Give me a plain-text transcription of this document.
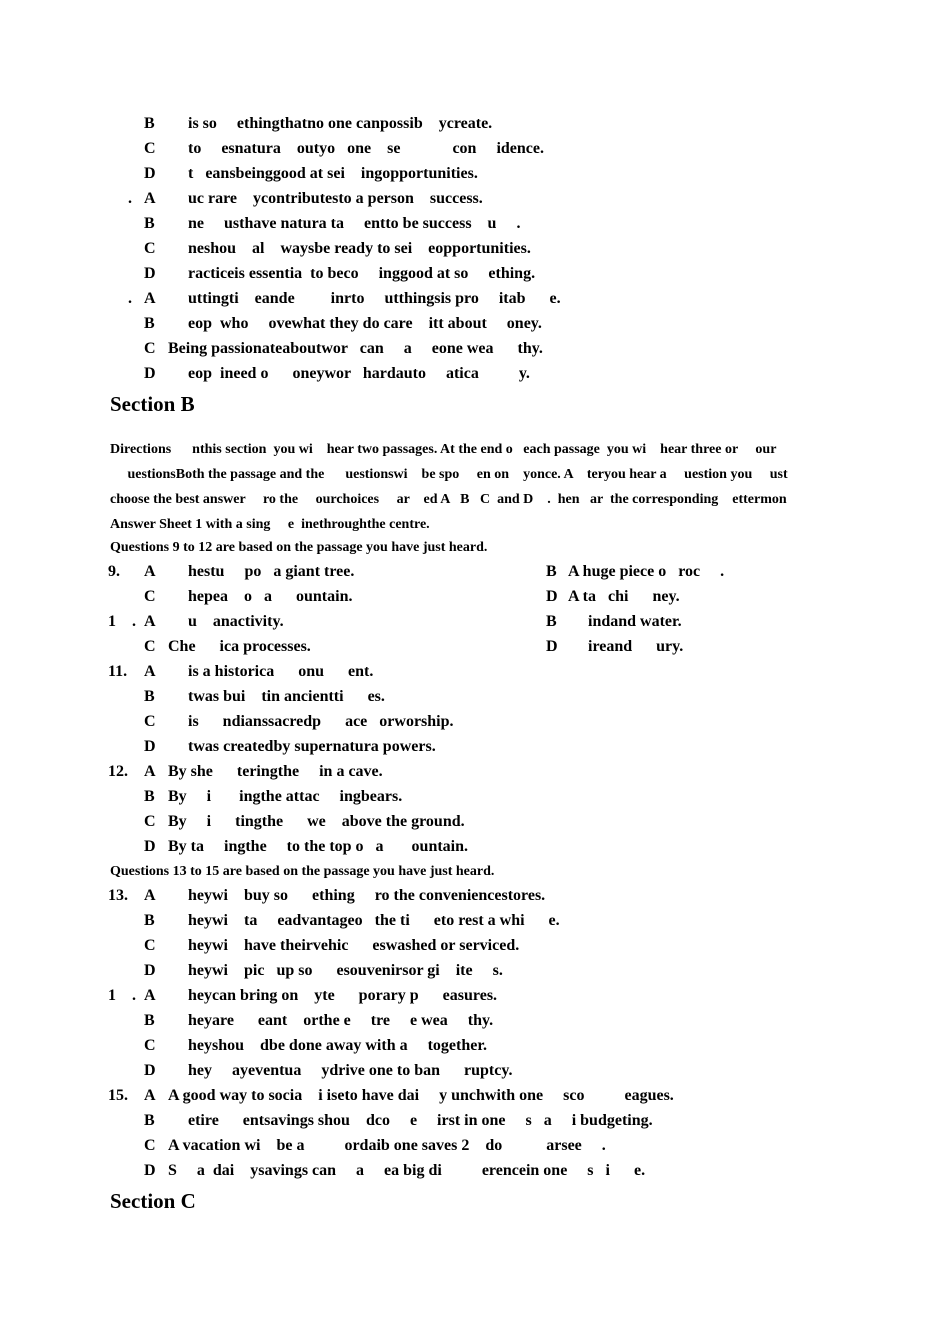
B is so     ethingthatno one canpossib    ycreate.
C to     esnatura    outyo   one    se             con     idence.
D t   eansbeinggood at sei    ingopportunities.
. A uc rare    ycontributesto a person    success.
B ne     usthave natura ta     entto be success    u     .
C neshou    al    waysbe ready to sei    eopportunities.
D racticeis essentia  to beco     inggood at so     ething.
. A uttingti    eande         inrto     utthingsis pro     itab      e.
B eop  who     ovewhat they do care    itt about     oney.
C Being passionateaboutwor   can     a     eone wea      thy.
D eop  ineed o      oneywor   hardauto     atica          y.
Section B
Directions      nthis section  you wi    hear two passages. At the end o   each passage  you wi    hear three or     our
uestionsBoth the passage and the      uestionswi    be spo     en on    yonce. A    teryou hear a     uestion you     ust
choose the best answer     ro the     ourchoices     ar    ed A   B   C  and D    .  hen   ar  the corresponding    ettermon
Answer Sheet 1 with a sing     e  inethroughthe centre.
Questions 9 to 12 are based on the passage you have just heard.
9. A hestu     po   a giant tree.
C hepea    o   a      ountain.
1    . A u    anactivity.
C Che      ica processes.
11. A is a historica      onu      ent.
B twas bui    tin ancientti      es.
C is      ndianssacredp      ace   orworship.
D twas createdby supernatura powers.
12. A By she      teringthe     in a cave.
B By     i       ingthe attac     ingbears.
C By     i      tingthe      we    above the ground.
D By ta     ingthe     to the top o   a       ountain.
B A huge piece o   roc     .
D A ta   chi      ney.
B indand water.
D ireand      ury.
Questions 13 to 15 are based on the passage you have just heard.
13. A heywi    buy so      ething     ro the conveniencestores.
B heywi    ta     eadvantageo   the ti      eto rest a whi      e.
C heywi    have theirvehic      eswashed or serviced.
D heywi    pic   up so      esouvenirsor gi    ite     s.
1    . A heycan bring on    yte      porary p      easures.
B heyare      eant    orthe e     tre     e wea     thy.
C heyshou    dbe done away with a     together.
D hey     ayeventua     ydrive one to ban      ruptcy.
15. A A good way to socia    i iseto have dai     y unchwith one     sco          eagues.
B etire      entsavings shou    dco     e     irst in one     s   a     i budgeting.
C A vacation wi    be a          ordaib one saves 2    do           arsee     .
D S     a  dai    ysavings can     a     ea big di          erencein one     s   i      e.
Section C
